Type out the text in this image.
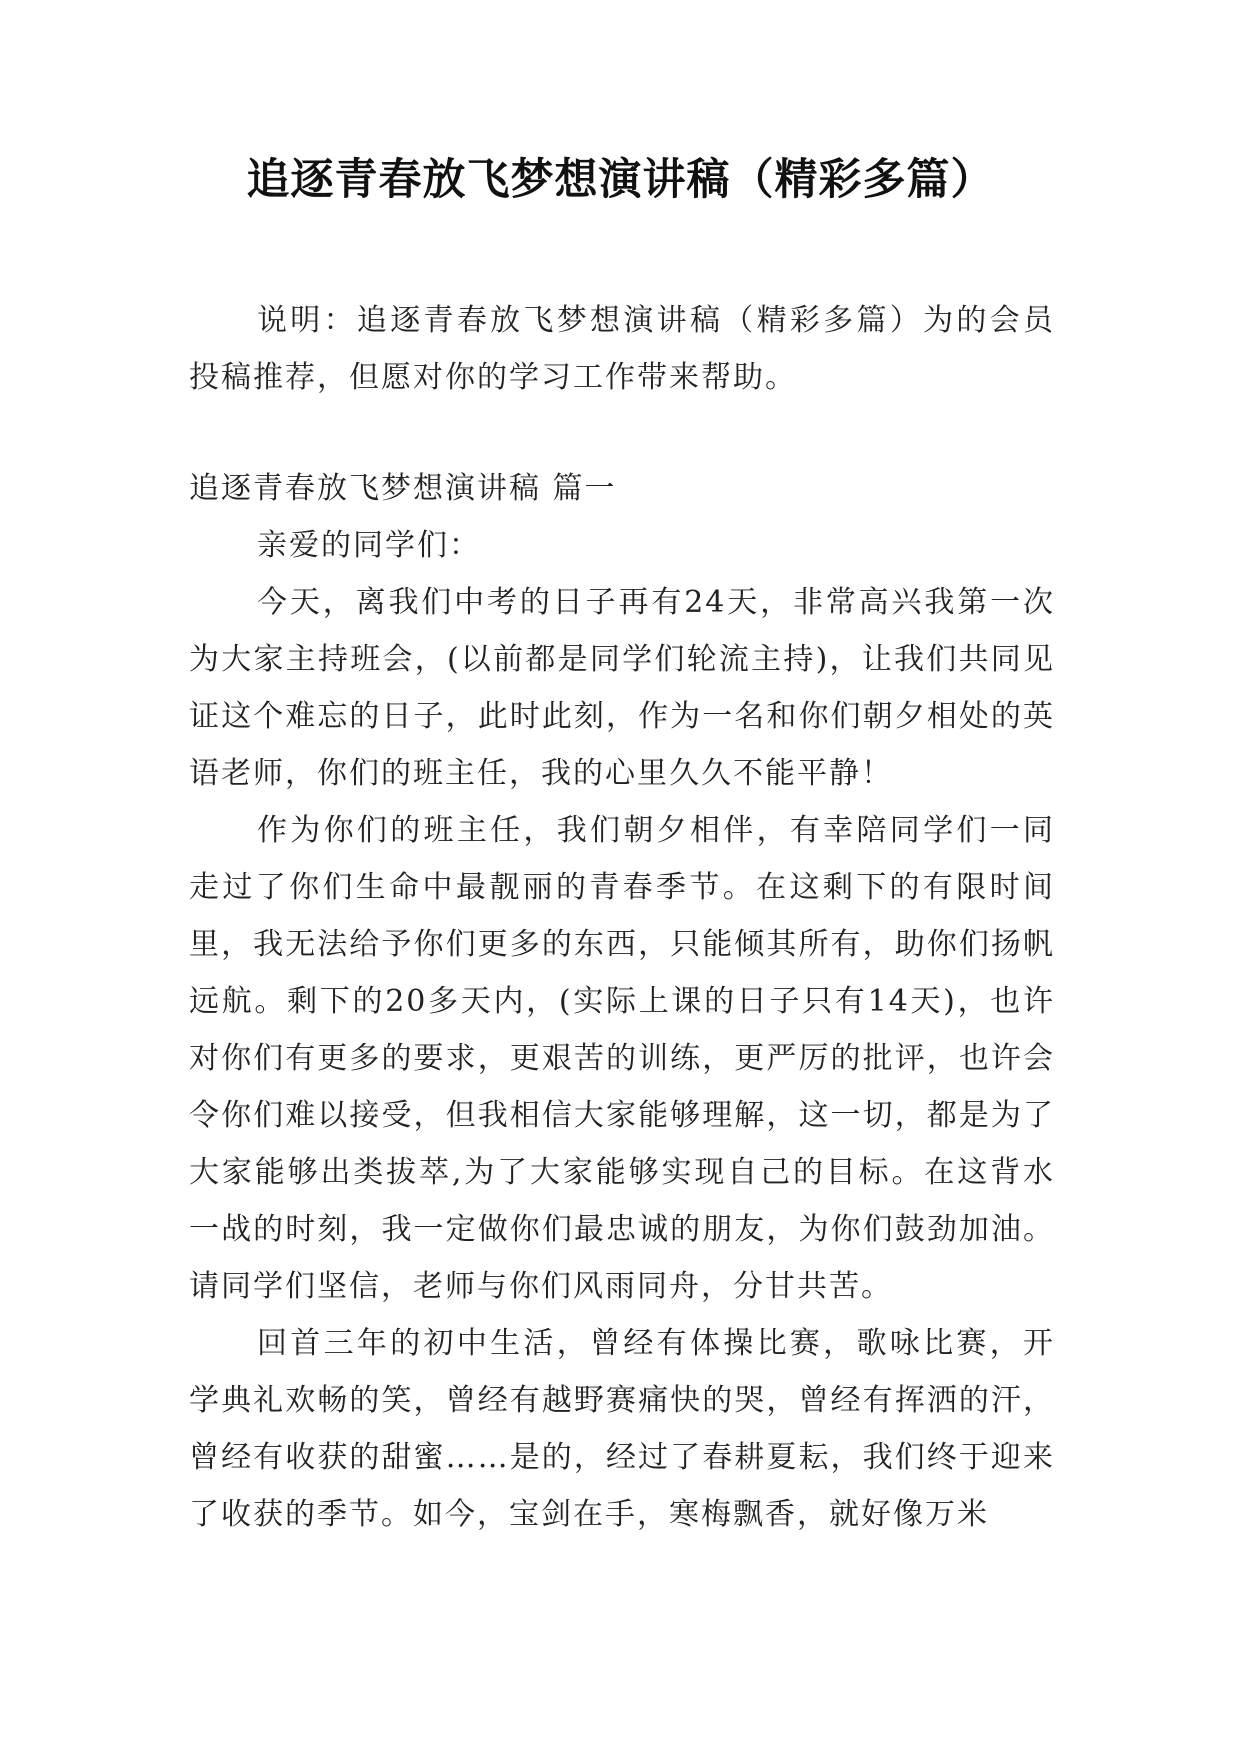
追逐青春放飞梦想演讲稿（精彩多篇）

说明：追逐青春放飞梦想演讲稿（精彩多篇）为的会员投稿推荐，但愿对你的学习工作带来帮助。

追逐青春放飞梦想演讲稿 篇一

亲爱的同学们：

今天，离我们中考的日子再有24天，非常高兴我第一次为大家主持班会，(以前都是同学们轮流主持)，让我们共同见证这个难忘的日子，此时此刻，作为一名和你们朝夕相处的英语老师，你们的班主任，我的心里久久不能平静！

作为你们的班主任，我们朝夕相伴，有幸陪同学们一同走过了你们生命中最靓丽的青春季节。在这剩下的有限时间里，我无法给予你们更多的东西，只能倾其所有，助你们扬帆远航。剩下的20多天内，(实际上课的日子只有14天)，也许对你们有更多的要求，更艰苦的训练，更严厉的批评，也许会令你们难以接受，但我相信大家能够理解，这一切，都是为了大家能够出类拔萃,为了大家能够实现自己的目标。在这背水一战的时刻，我一定做你们最忠诚的朋友，为你们鼓劲加油。请同学们坚信，老师与你们风雨同舟，分甘共苦。

回首三年的初中生活，曾经有体操比赛，歌咏比赛，开学典礼欢畅的笑，曾经有越野赛痛快的哭，曾经有挥洒的汗，曾经有收获的甜蜜……是的，经过了春耕夏耘，我们终于迎来了收获的季节。如今，宝剑在手，寒梅飘香，就好像万米
